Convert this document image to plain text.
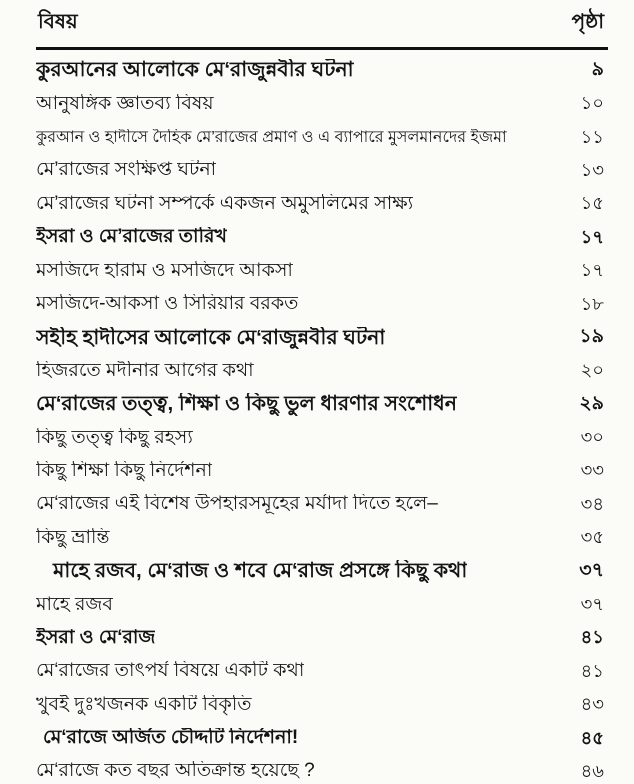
বিষয়	পৃষ্ঠা
কুরআনের আলোকে মে‘রাজুন্নবীর ঘটনা	৯
আনুষঙ্গিক জ্ঞাতব্য বিষয়	১০
কুরআন ও হাদীসে দৈহিক মে’রাজের প্রমাণ ও এ ব্যাপারে মুসলমানদের ইজমা	১১
মে’রাজের সংক্ষিপ্ত ঘটনা	১৩
মে’রাজের ঘটনা সম্পর্কে একজন অমুসলিমের সাক্ষ্য	১৫
ইসরা ও মে’রাজের তারিখ	১৭
মসজিদে হারাম ও মসজিদে আকসা	১৭
মসজিদে-আকসা ও সিরিয়ার বরকত	১৮
সহীহ হাদীসের আলোকে মে‘রাজুন্নবীর ঘটনা	১৯
হিজরতে মদীনার আগের কথা	২০
মে‘রাজের তত্ত্ব, শিক্ষা ও কিছু ভুল ধারণার সংশোধন	২৯
কিছু তত্ত্ব কিছু রহস্য	৩০
কিছু শিক্ষা কিছু নির্দেশনা	৩৩
মে‘রাজের এই বিশেষ উপহারসমূহের মর্যাদা দিতে হলে–	৩৪
কিছু ভ্রান্তি	৩৫
মাহে রজব, মে‘রাজ ও শবে মে‘রাজ প্রসঙ্গে কিছু কথা	৩৭
মাহে রজব	৩৭
ইসরা ও মে‘রাজ	৪১
মে‘রাজের তাৎপর্য বিষয়ে একটি কথা	৪১
খুবই দুঃখজনক একটি বিকৃতি	৪৩
মে‘রাজে অর্জিত চৌদ্দটি নির্দেশনা!	৪৫
মে‘রাজে কত বছর অতিক্রান্ত হয়েছে ?	৪৬
